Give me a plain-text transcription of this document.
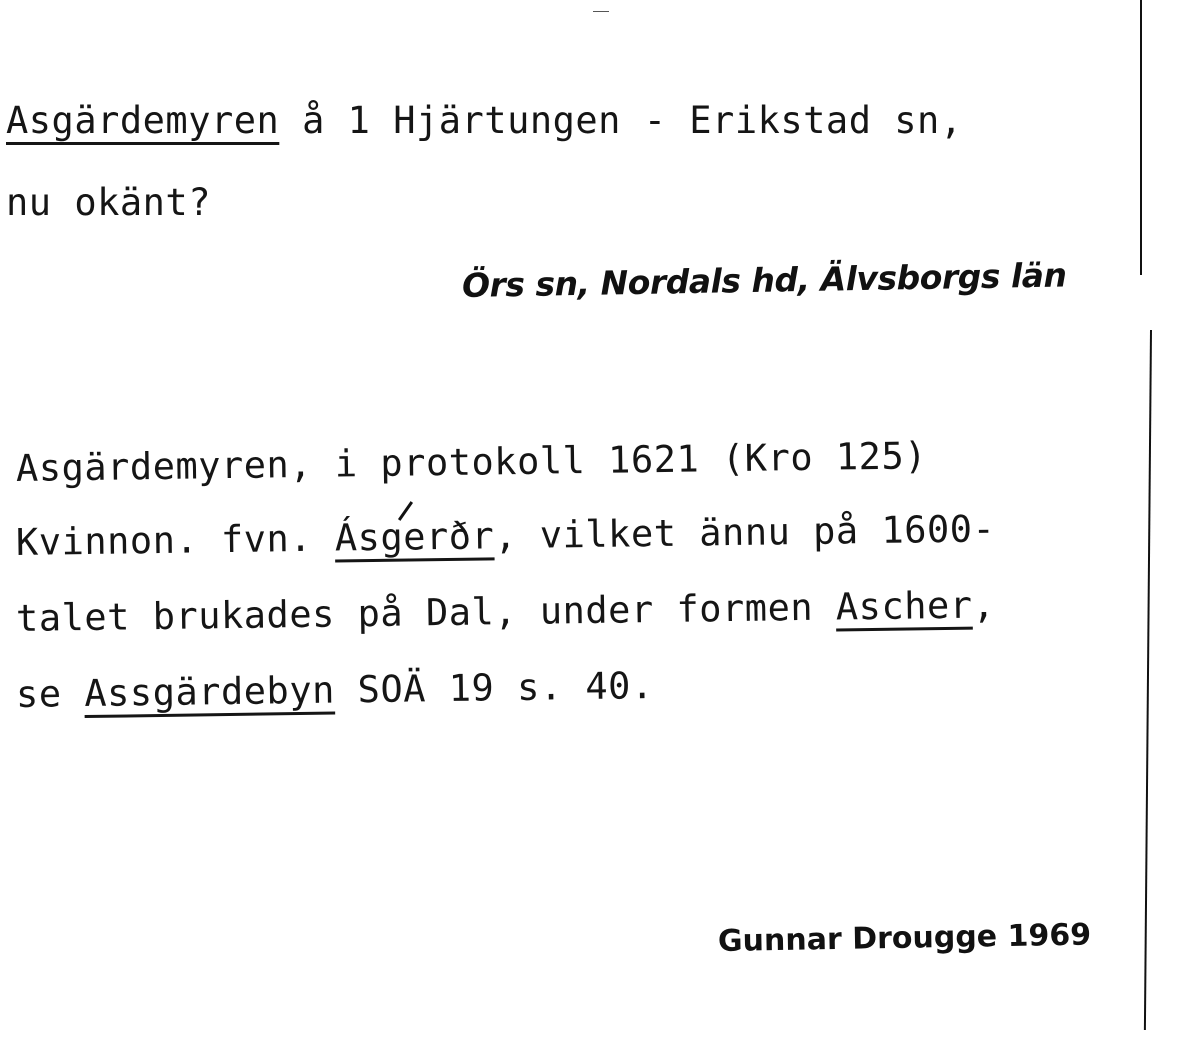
Asgärdemyren å 1 Hjärtungen - Erikstad sn,
nu okänt?
Örs sn, Nordals hd, Älvsborgs län
Asgärdemyren, i protokoll 1621 (Kro 125)
Kvinnon. fvn. Ásgerðr, vilket ännu på 1600-
talet brukades på Dal, under formen Ascher,
se Assgärdebyn SOÄ 19 s. 40.
Gunnar Drougge 1969
